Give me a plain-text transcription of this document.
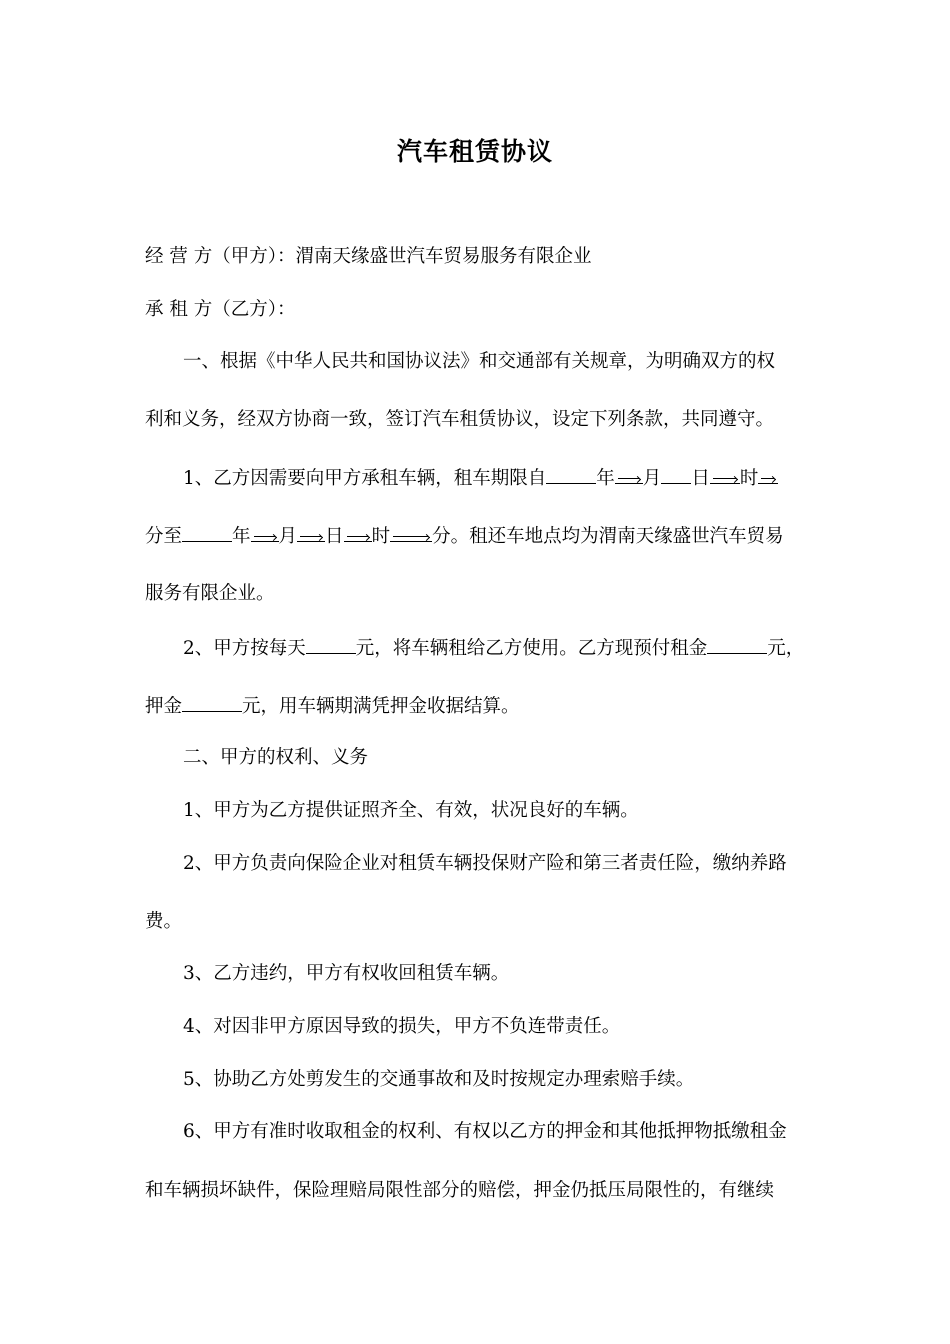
汽车租赁协议
经 营 方（甲方）：渭南天缘盛世汽车贸易服务有限企业
承 租 方（乙方）：
一、根据《中华人民共和国协议法》和交通部有关规章，为明确双方的权
利和义务，经双方协商一致，签订汽车租赁协议，设定下列条款，共同遵守。
1、乙方因需要向甲方承租车辆，租车期限自	年 月 日 时
分至	年 月 日 时 分。租还车地点均为渭南天缘盛世汽车贸易
服务有限企业。
2、甲方按每天	元，将车辆租给乙方使用。乙方现预付租金	元，
押金	元，用车辆期满凭押金收据结算。
二、甲方的权利、义务
1、甲方为乙方提供证照齐全、有效，状况良好的车辆。
2、甲方负责向保险企业对租赁车辆投保财产险和第三者责任险，缴纳养路
费。
3、乙方违约，甲方有权收回租赁车辆。
4、对因非甲方原因导致的损失，甲方不负连带责任。
5、协助乙方处剪发生的交通事故和及时按规定办理索赔手续。
6、甲方有准时收取租金的权利、有权以乙方的押金和其他抵押物抵缴租金
和车辆损坏缺件，保险理赔局限性部分的赔偿，押金仍抵压局限性的，有继续
